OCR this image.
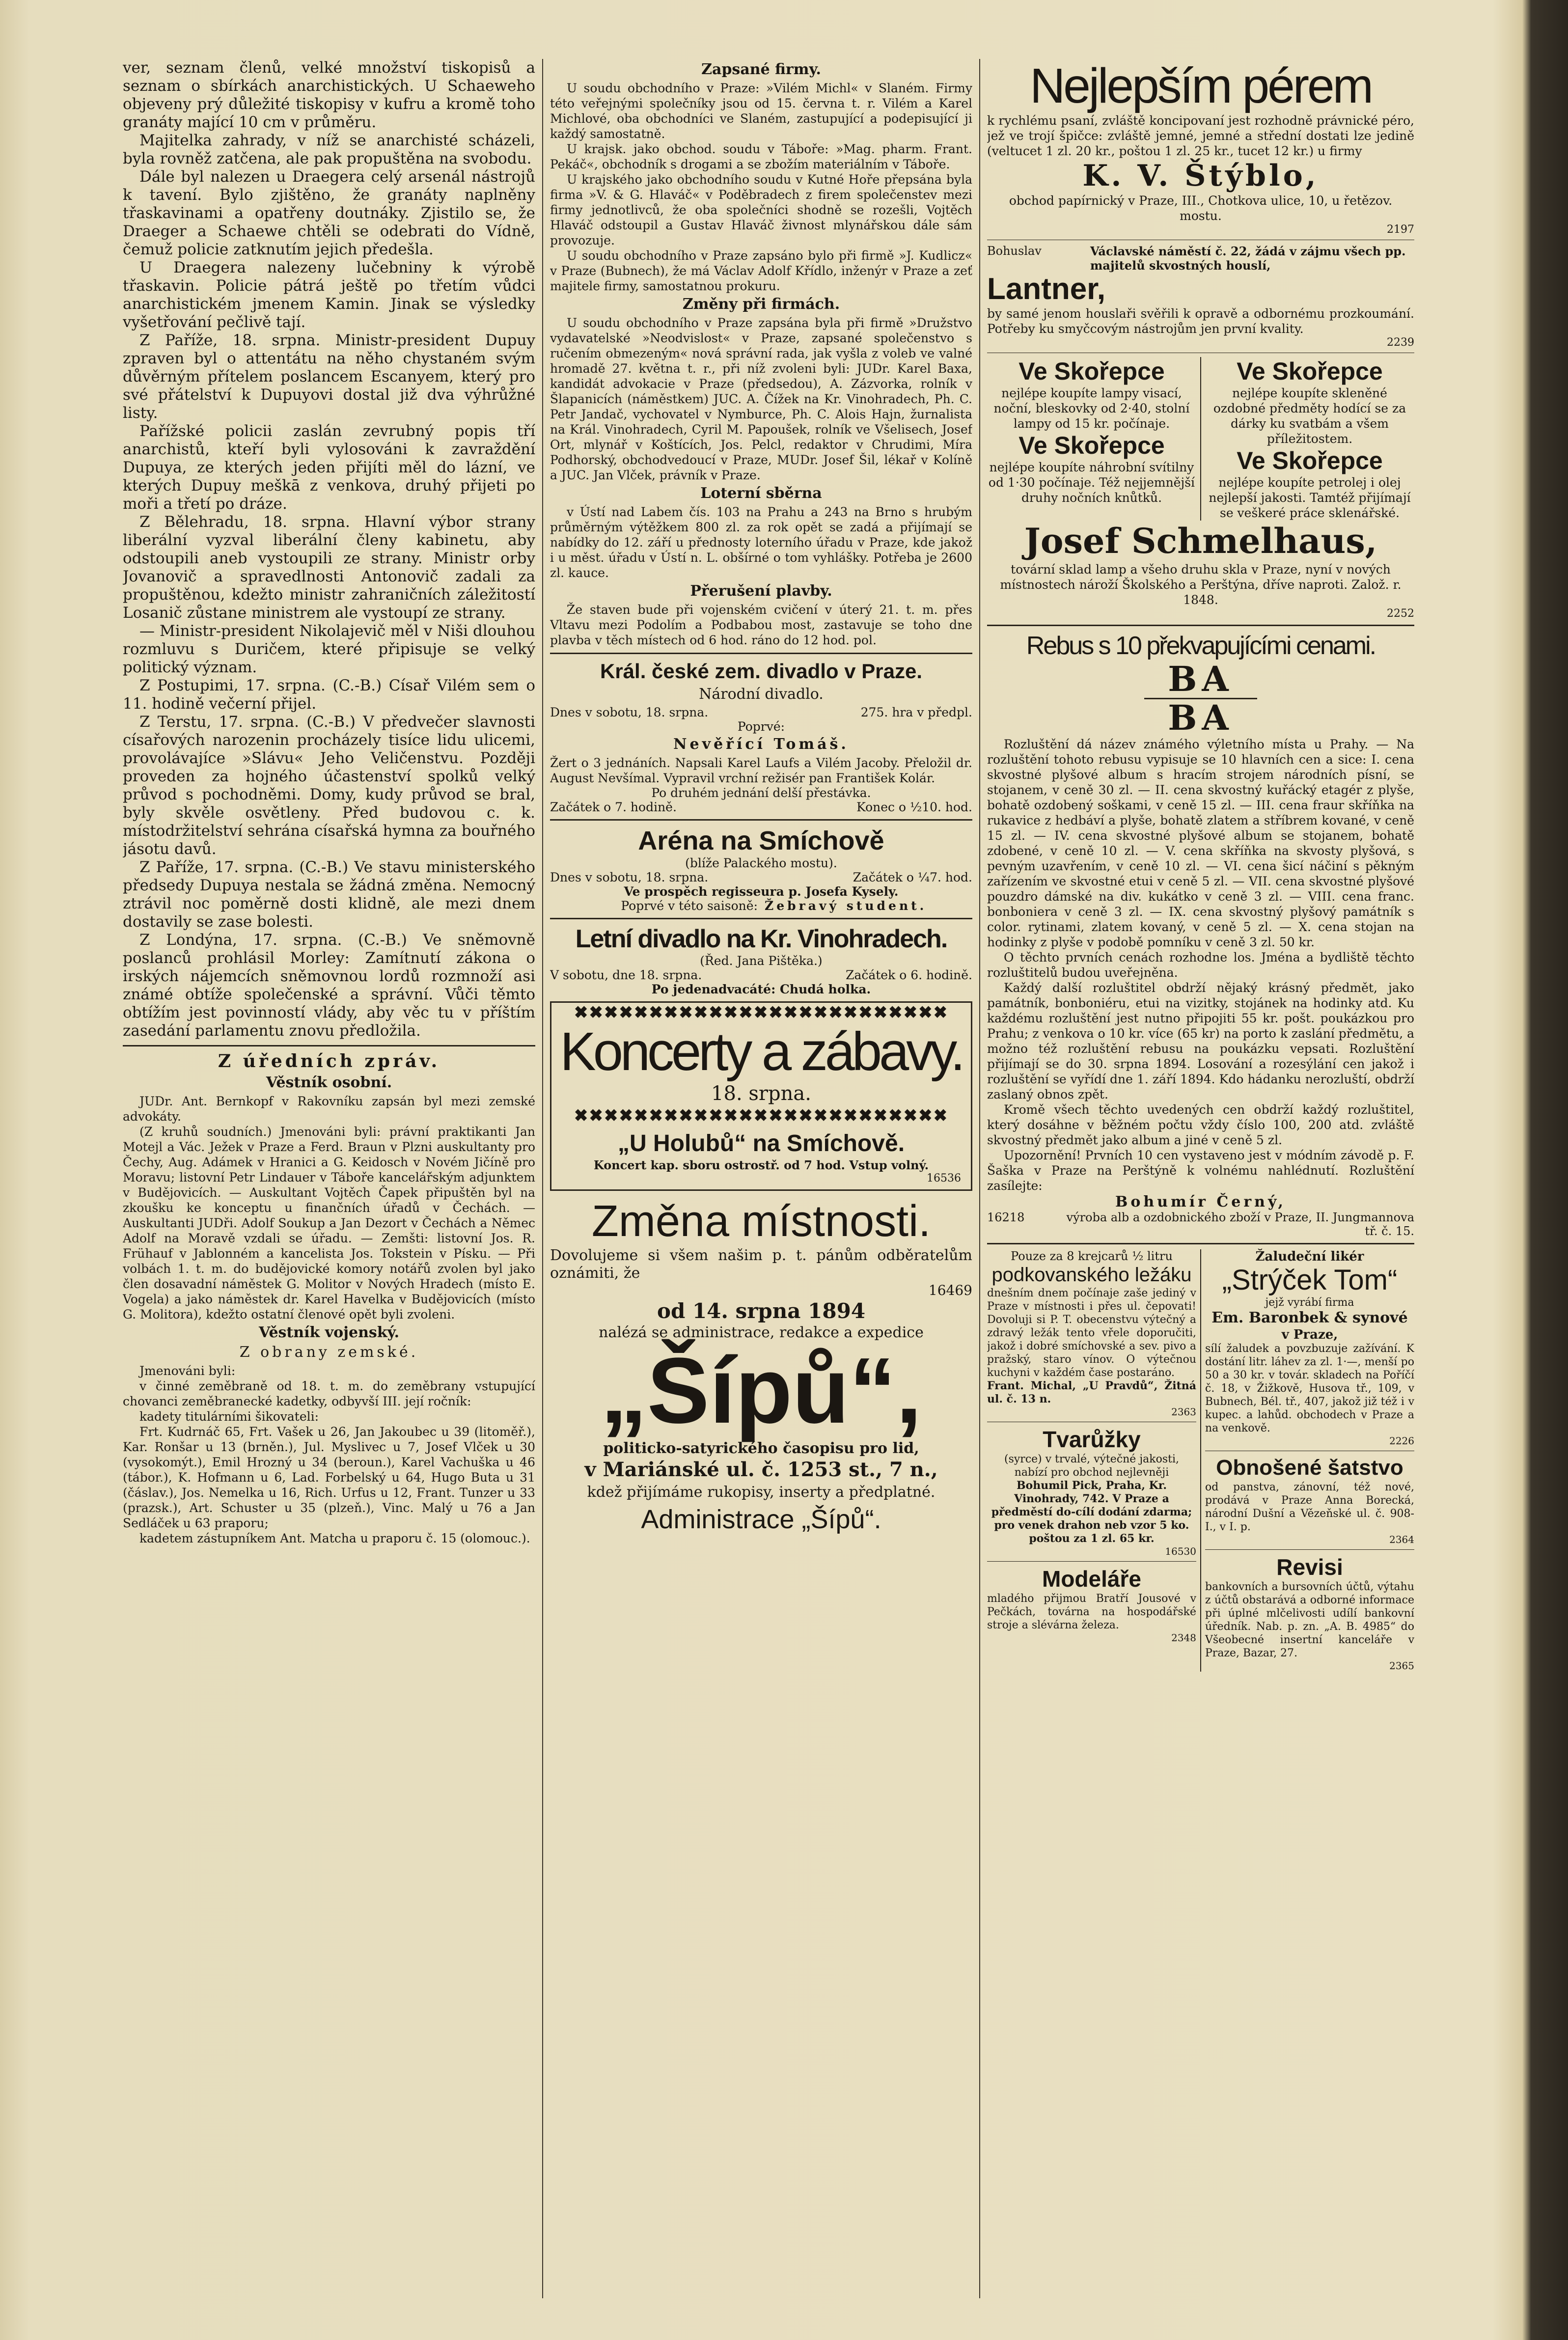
ver, seznam členů, velké množství tiskopisů a seznam o sbírkách anarchistických. U Schaeweho objeveny prý důležité tiskopisy v kufru a kromě toho granáty mající 10 cm v průměru.

Majitelka zahrady, v níž se anarchisté scházeli, byla rovněž zatčena, ale pak propuštěna na svobodu.

Dále byl nalezen u Draegera celý arsenál nástrojů k tavení. Bylo zjištěno, že granáty naplněny třaskavinami a opatřeny doutnáky. Zjistilo se, že Draeger a Schaewe chtěli se odebrati do Vídně, čemuž policie zatknutím jejich předešla.

U Draegera nalezeny lučebniny k výrobě třaskavin. Policie pátrá ještě po třetím vůdci anarchistickém jmenem Kamin. Jinak se výsledky vyšetřování pečlivě tají.

Z Paříže, 18. srpna. Ministr-president Dupuy zpraven byl o attentátu na něho chystaném svým důvěrným přítelem poslancem Escanyem, který pro své přátelství k Dupuyovi dostal již dva výhrůžné listy.

Pařížské policii zaslán zevrubný popis tří anarchistů, kteří byli vylosováni k zavraždění Dupuya, ze kterých jeden přijíti měl do lázní, ve kterých Dupuy meškā z venkova, druhý přijeti po moři a třetí po dráze.

Z Bělehradu, 18. srpna. Hlavní výbor strany liberální vyzval liberální členy kabinetu, aby odstoupili aneb vystoupili ze strany. Ministr orby Jovanovič a spravedlnosti Antonovič zadali za propuštěnou, kdežto ministr zahraničních záležitostí Losanič zůstane ministrem ale vystoupí ze strany.

— Ministr-president Nikolajevič měl v Niši dlouhou rozmluvu s Duričem, které připisuje se velký politický význam.

Z Postupimi, 17. srpna. (C.-B.) Císař Vilém sem o 11. hodině večerní přijel.

Z Terstu, 17. srpna. (C.-B.) V předvečer slavnosti císařových narozenin procházely tisíce lidu ulicemi, provolávajíce »Slávu« Jeho Veličenstvu. Později proveden za hojného účastenství spolků velký průvod s pochodněmi. Domy, kudy průvod se bral, byly skvěle osvětleny. Před budovou c. k. místodržitelství sehrána císařská hymna za bouřného jásotu davů.

Z Paříže, 17. srpna. (C.-B.) Ve stavu ministerského předsedy Dupuya nestala se žádná změna. Nemocný ztrávil noc poměrně dosti klidně, ale mezi dnem dostavily se zase bolesti.

Z Londýna, 17. srpna. (C.-B.) Ve sněmovně poslanců prohlásil Morley: Zamítnutí zákona o irských nájemcích sněmovnou lordů rozmnoží asi známé obtíže společenské a správní. Vůči těmto obtížím jest povinností vlády, aby věc tu v příštím zasedání parlamentu znovu předložila.

Z úředních zpráv.
Věstník osobní.

JUDr. Ant. Bernkopf v Rakovníku zapsán byl mezi zemské advokáty.

(Z kruhů soudních.) Jmenováni byli: právní praktikanti Jan Motejl a Vác. Ježek v Praze a Ferd. Braun v Plzni auskultanty pro Čechy, Aug. Adámek v Hranici a G. Keidosch v Novém Jičíně pro Moravu; listovní Petr Lindauer v Táboře kancelářským adjunktem v Budějovicích. — Auskultant Vojtěch Čapek připuštěn byl na zkoušku ke konceptu u finančních úřadů v Čechách. — Auskultanti JUDři. Adolf Soukup a Jan Dezort v Čechách a Němec Adolf na Moravě vzdali se úřadu. — Zemšti: listovní Jos. R. Frühauf v Jablonném a kancelista Jos. Tokstein v Písku. — Při volbách 1. t. m. do budějovické komory notářů zvolen byl jako člen dosavadní náměstek G. Molitor v Nových Hradech (místo E. Vogela) a jako náměstek dr. Karel Havelka v Budějovicích (místo G. Molitora), kdežto ostatní členové opět byli zvoleni.

Věstník vojenský.
Z obrany zemské.

Jmenováni byli:

v činné zeměbraně od 18. t. m. do zeměbrany vstupující chovanci zeměbranecké kadetky, odbyvší III. její ročník:

kadety titulárními šikovateli:

Frt. Kudrnáč 65, Frt. Vašek u 26, Jan Jakoubec u 39 (litoměř.), Kar. Ronšar u 13 (brněn.), Jul. Myslivec u 7, Josef Vlček u 30 (vysokomýt.), Emil Hrozný u 34 (beroun.), Karel Vachuška u 46 (tábor.), K. Hofmann u 6, Lad. Forbelský u 64, Hugo Buta u 31 (čáslav.), Jos. Nemelka u 16, Rich. Urfus u 12, Frant. Tunzer u 33 (prazsk.), Art. Schuster u 35 (plzeň.), Vinc. Malý u 76 a Jan Sedláček u 63 praporu;

kadetem zástupníkem Ant. Matcha u praporu č. 15 (olomouc.).

Zapsané firmy.

U soudu obchodního v Praze: »Vilém Michl« v Slaném. Firmy této veřejnými společníky jsou od 15. června t. r. Vilém a Karel Michlové, oba obchodníci ve Slaném, zastupující a podepisující ji každý samostatně.

U krajsk. jako obchod. soudu v Táboře: »Mag. pharm. Frant. Pekáč«, obchodník s drogami a se zbožím materiálním v Táboře.

U krajského jako obchodního soudu v Kutné Hoře přepsána byla firma »V. & G. Hlaváč« v Poděbradech z firem společenstev mezi firmy jednotlivců, že oba společníci shodně se rozešli, Vojtěch Hlaváč odstoupil a Gustav Hlaváč živnost mlynářskou dále sám provozuje.

U soudu obchodního v Praze zapsáno bylo při firmě »J. Kudlicz« v Praze (Bubnech), že má Václav Adolf Křídlo, inženýr v Praze a zeť majitele firmy, samostatnou prokuru.

Změny při firmách.

U soudu obchodního v Praze zapsána byla při firmě »Družstvo vydavatelské »Neodvislost« v Praze, zapsané společenstvo s ručením obmezeným« nová správní rada, jak vyšla z voleb ve valné hromadě 27. května t. r., při níž zvoleni byli: JUDr. Karel Baxa, kandidát advokacie v Praze (předsedou), A. Zázvorka, rolník v Šlapanicích (náměstkem) JUC. A. Čížek na Kr. Vinohradech, Ph. C. Petr Jandač, vychovatel v Nymburce, Ph. C. Alois Hajn, žurnalista na Král. Vinohradech, Cyril M. Papoušek, rolník ve Všelisech, Josef Ort, mlynář v Koštících, Jos. Pelcl, redaktor v Chrudimi, Míra Podhorský, obchodvedoucí v Praze, MUDr. Josef Šil, lékař v Kolíně a JUC. Jan Vlček, právník v Praze.

Loterní sběrna

v Ústí nad Labem čís. 103 na Prahu a 243 na Brno s hrubým průměrným výtěžkem 800 zl. za rok opět se zadá a přijímají se nabídky do 12. září u přednosty loterního úřadu v Praze, kde jakož i u měst. úřadu v Ústí n. L. obšírné o tom vyhlášky. Potřeba je 2600 zl. kauce.

Přerušení plavby.

Že staven bude při vojenském cvičení v úterý 21. t. m. přes Vltavu mezi Podolím a Podbabou most, zastavuje se toho dne plavba v těch místech od 6 hod. ráno do 12 hod. pol.

Král. české zem. divadlo v Praze.
Národní divadlo.
Dnes v sobotu, 18. srpna.	275. hra v předpl.
Poprvé:
Nevěřící Tomáš.

Žert o 3 jednáních. Napsali Karel Laufs a Vilém Jacoby. Přeložil dr. August Nevšímal. Vypravil vrchní režisér pan František Kolár.

Po druhém jednání delší přestávka.
Začátek o 7. hodině.	Konec o ½10. hod.
Aréna na Smíchově
(blíže Palackého mostu).
Dnes v sobotu, 18. srpna.	Začátek o ¼7. hod.
Ve prospěch regisseura p. Josefa Kysely.
Poprvé v této saisoně: Žebravý student.
Letní divadlo na Kr. Vinohradech.
(Řed. Jana Pištěka.)
V sobotu, dne 18. srpna.	Začátek o 6. hodině.
Po jedenadvacáté: Chudá holka.
✖✖✖✖✖✖✖✖✖✖✖✖✖✖✖✖✖✖✖✖✖✖✖✖✖
Koncerty a zábavy.
18. srpna.
✖✖✖✖✖✖✖✖✖✖✖✖✖✖✖✖✖✖✖✖✖✖✖✖✖
„U Holubů“ na Smíchově.
Koncert kap. sboru ostrostř. od 7 hod. Vstup volný.
16536
Změna místnosti.

Dovolujeme si všem našim p. t. pánům odběratelům oznámiti, že

16469
od 14. srpna 1894
nalézá se administrace, redakce a expedice
„Šípů“,
politicko-satyrického časopisu pro lid,
v Mariánské ul. č. 1253 st., 7 n.,
kdež přijímáme rukopisy, inserty a předplatné.
Administrace „Šípů“.
Nejlepším pérem

k rychlému psaní, zvláště koncipovaní jest rozhodně právnické péro, jež ve trojí špičce: zvláště jemné, jemné a střední dostati lze jedině (veltucet 1 zl. 20 kr., poštou 1 zl. 25 kr., tucet 12 kr.) u firmy

K. V. Štýblo,

obchod papírnický v Praze, III., Chotkova ulice, 10, u řetězov. mostu.

2197
Bohuslav	Václavské náměstí č. 22, žádá v zájmu všech pp. majitelů skvostných houslí,
Lantner,

by samé jenom houslaři svěřili k opravě a odbornému prozkoumání. Potřeby ku smyčcovým nástrojům jen první kvality.

2239
Ve Skořepce

nejlépe koupíte lampy visací, noční, bleskovky od 2·40, stolní lampy od 15 kr. počínaje.

Ve Skořepce

nejlépe koupíte náhrobní svítilny od 1·30 počínaje. Též nejjemnější druhy nočních knůtků.

Ve Skořepce

nejlépe koupíte skleněné ozdobné předměty hodící se za dárky ku svatbám a všem příležitostem.

Ve Skořepce

nejlépe koupíte petrolej i olej nejlepší jakosti. Tamtéž přijímají se veškeré práce sklenářské.

Josef Schmelhaus,

tovární sklad lamp a všeho druhu skla v Praze, nyní v nových místnostech nároží Školského a Perštýna, dříve naproti. Založ. r. 1848.

2252
Rebus s 10 překvapujícími cenami.
BA
BA

Rozluštění dá název známého výletního místa u Prahy. — Na rozluštění tohoto rebusu vypisuje se 10 hlavních cen a sice: I. cena skvostné plyšové album s hracím strojem národních písní, se stojanem, v ceně 30 zl. — II. cena skvostný kuřácký etagér z plyše, bohatě ozdobený soškami, v ceně 15 zl. — III. cena fraur skříňka na rukavice z hedbáví a plyše, bohatě zlatem a stříbrem kované, v ceně 15 zl. — IV. cena skvostné plyšové album se stojanem, bohatě zdobené, v ceně 10 zl. — V. cena skříňka na skvosty plyšová, s pevným uzavřením, v ceně 10 zl. — VI. cena šicí náčiní s pěkným zařízením ve skvostné etui v ceně 5 zl. — VII. cena skvostné plyšové pouzdro dámské na div. kukátko v ceně 3 zl. — VIII. cena franc. bonboniera v ceně 3 zl. — IX. cena skvostný plyšový památník s color. rytinami, zlatem kovaný, v ceně 5 zl. — X. cena stojan na hodinky z plyše v podobě pomníku v ceně 3 zl. 50 kr.

O těchto prvních cenách rozhodne los. Jména a bydliště těchto rozluštitelů budou uveřejněna.

Každý další rozluštitel obdrží nějaký krásný předmět, jako památník, bonboniéru, etui na vizitky, stojánek na hodinky atd. Ku každému rozluštění jest nutno připojiti 55 kr. pošt. poukázkou pro Prahu; z venkova o 10 kr. více (65 kr) na porto k zaslání předmětu, a možno též rozluštění rebusu na poukázku vepsati. Rozluštění přijímají se do 30. srpna 1894. Losování a rozesýlání cen jakož i rozluštění se vyřídí dne 1. září 1894. Kdo hádanku nerozluští, obdrží zaslaný obnos zpět.

Kromě všech těchto uvedených cen obdrží každý rozluštitel, který dosáhne v běžném počtu vždy číslo 100, 200 atd. zvláště skvostný předmět jako album a jiné v ceně 5 zl.

Upozornění! Prvních 10 cen vystaveno jest v módním závodě p. F. Šaška v Praze na Perštýně k volnému nahlédnutí. Rozluštění zasílejte:

Bohumír Černý,
16218	výroba alb a ozdobnického zboží v Praze, II. Jungmannova tř. č. 15.
Pouze za 8 krejcarů ½ litru
podkovanského ležáku

dnešním dnem počínaje zaše jediný v Praze v místnosti i přes ul. čepovati! Dovoluji si P. T. obecenstvu výtečný a zdravý ležák tento vřele doporučiti, jakož i dobré smíchovské a sev. pivo a pražský, staro vínov. O výtečnou kuchyni v každém čase postaráno.

Frant. Michal, „U Pravdů“, Žitná ul. č. 13 n.

2363
Tvarůžky

(syrce) v trvalé, výtečné jakosti, nabízí pro obchod nejlevněji

Bohumil Pick, Praha, Kr. Vinohrady, 742. V Praze a předměstí do-cílí dodání zdarma; pro venek drahon neb vzor 5 ko. poštou za 1 zl. 65 kr.

16530
Modeláře

mladého přijmou Bratří Jousové v Pečkách, továrna na hospodářské stroje a slévárna železa.

2348
Žaludeční likér
„Strýček Tom“
jejž vyrábí firma
Em. Baronbek & synové
v Praze,

sílí žaludek a povzbuzuje zažívání. K dostání litr. láhev za zl. 1·—, menší po 50 a 30 kr. v továr. skladech na Poříčí č. 18, v Žižkově, Husova tř., 109, v Bubnech, Bél. tř., 407, jakož již též i v kupec. a lahůd. obchodech v Praze a na venkově.

2226
Obnošené šatstvo

od panstva, zánovní, též nové, prodává v Praze Anna Borecká, národní Dušní a Vězeňské ul. č. 908-I., v I. p.

2364
Revisi

bankovních a bursovních účtů, výtahu z účtů obstarává a odborné informace při úplné mlčelivosti udílí bankovní úředník. Nab. p. zn. „A. B. 4985“ do Všeobecné insertní kanceláře v Praze, Bazar, 27.

2365
